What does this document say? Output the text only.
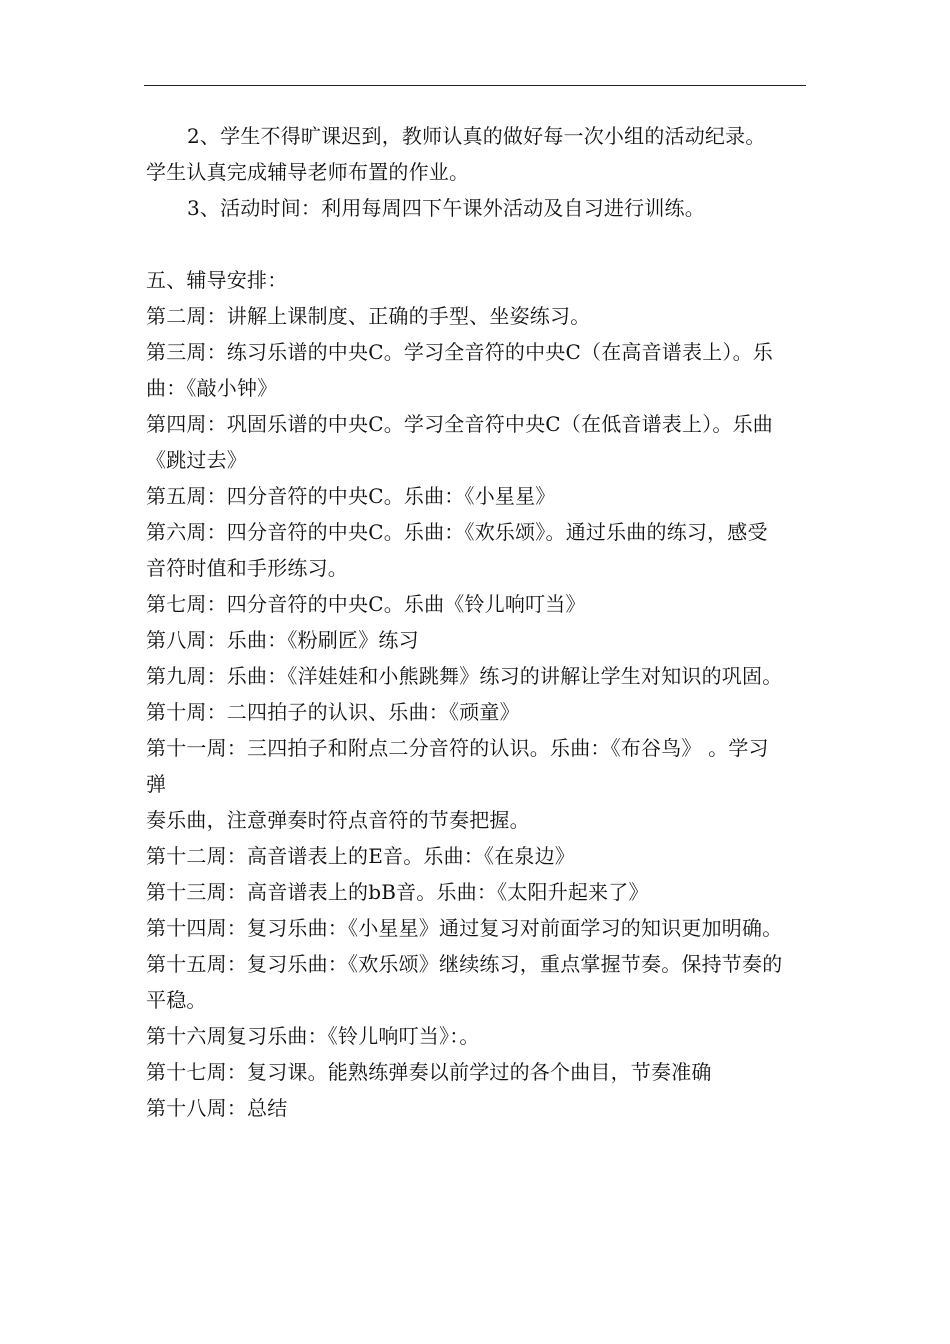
2、学生不得旷课迟到，教师认真的做好每一次小组的活动纪录。
学生认真完成辅导老师布置的作业。

3、活动时间：利用每周四下午课外活动及自习进行训练。

五、辅导安排：

第二周：讲解上课制度、正确的手型、坐姿练习。

第三周：练习乐谱的中央C。学习全音符的中央C（在高音谱表上）。乐

曲：《敲小钟》

第四周：巩固乐谱的中央C。学习全音符中央C（在低音谱表上）。乐曲

《跳过去》

第五周：四分音符的中央C。乐曲：《小星星》

第六周：四分音符的中央C。乐曲：《欢乐颂》。通过乐曲的练习，感受

音符时值和手形练习。

第七周：四分音符的中央C。乐曲《铃儿响叮当》

第八周：乐曲：《粉刷匠》练习

第九周：乐曲：《洋娃娃和小熊跳舞》练习的讲解让学生对知识的巩固。

第十周：二四拍子的认识、乐曲：《顽童》

第十一周：三四拍子和附点二分音符的认识。乐曲：《布谷鸟》 。学习

弹

奏乐曲，注意弹奏时符点音符的节奏把握。

第十二周：高音谱表上的E音。乐曲：《在泉边》

第十三周：高音谱表上的bB音。乐曲：《太阳升起来了》

第十四周：复习乐曲：《小星星》通过复习对前面学习的知识更加明确。

第十五周：复习乐曲：《欢乐颂》继续练习，重点掌握节奏。保持节奏的

平稳。

第十六周复习乐曲：《铃儿响叮当》：。

第十七周：复习课。能熟练弹奏以前学过的各个曲目，节奏准确

第十八周：总结
